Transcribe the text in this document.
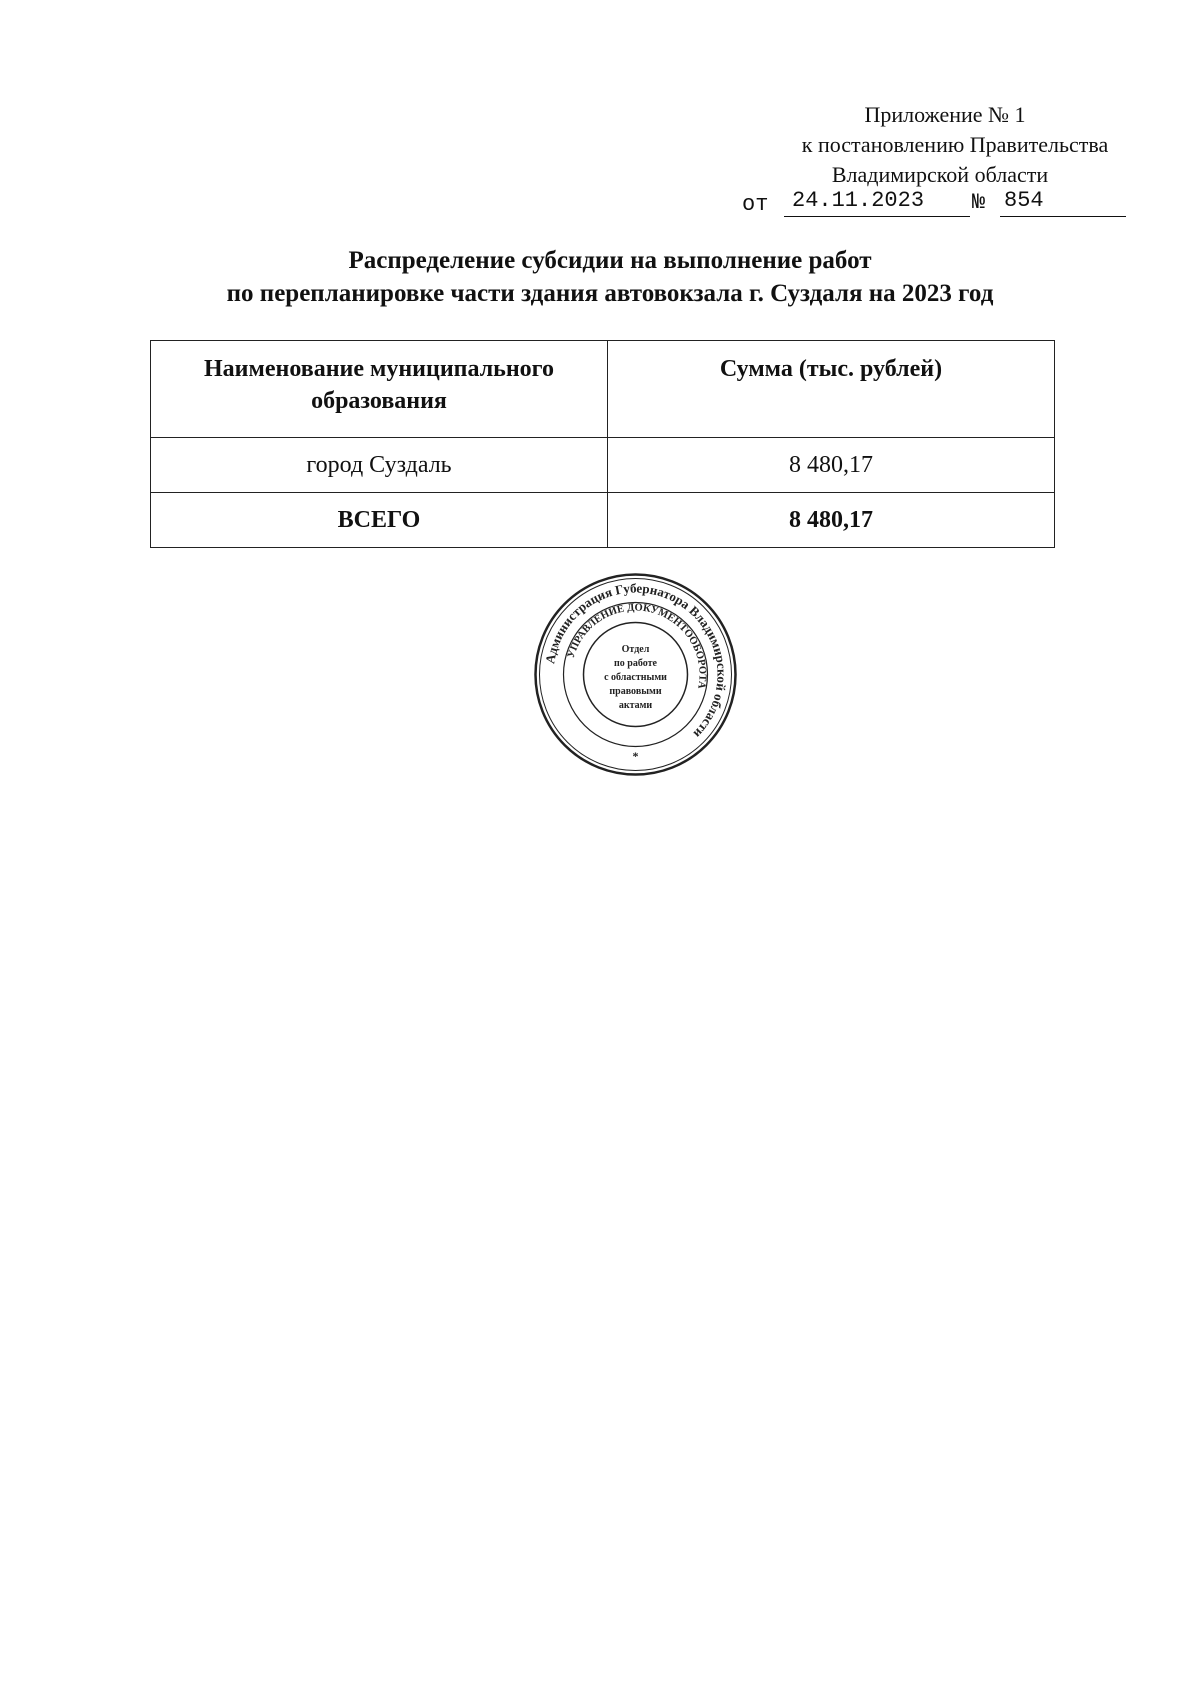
Приложение № 1
к постановлению Правительства
Владимирской области
от	24.11.2023	№ 854
Распределение субсидии на выполнение работ
по перепланировке части здания автовокзала г. Суздаля на 2023 год
Наименование муниципального образования	Сумма (тыс. рублей)
город Суздаль	8 480,17
ВСЕГО	8 480,17
Администрация Губернатора Владимирской области
УПРАВЛЕНИЕ ДОКУМЕНТООБОРОТА
Отдел
по работе
с областными
правовыми
актами
*
